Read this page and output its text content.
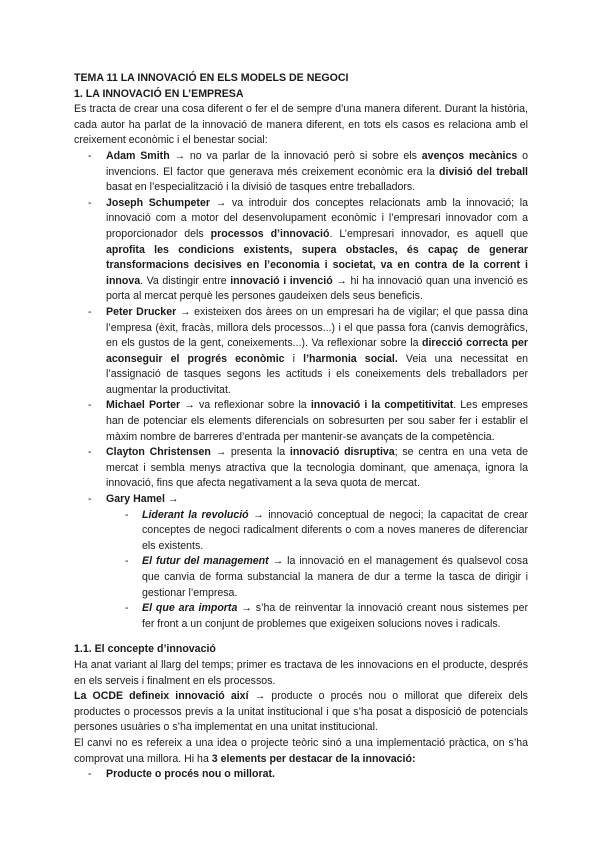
TEMA 11 LA INNOVACIÓ EN ELS MODELS DE NEGOCI
1. LA INNOVACIÓ EN L’EMPRESA

Es tracta de crear una cosa diferent o fer el de sempre d’una manera diferent. Durant la història, cada autor ha parlat de la innovació de manera diferent, en tots els casos es relaciona amb el creixement econòmic i el benestar social:

- Adam Smith → no va parlar de la innovació però si sobre els avenços mecànics o invencions. El factor que generava més creixement econòmic era la divisió del treball basat en l’especialització i la divisió de tasques entre treballadors.
- Joseph Schumpeter → va introduir dos conceptes relacionats amb la innovació; la innovació com a motor del desenvolupament econòmic i l’empresari innovador com a proporcionador dels processos d’innovació. L’empresari innovador, es aquell que aprofita les condicions existents, supera obstacles, és capaç de generar transformacions decisives en l’economia i societat, va en contra de la corrent i innova. Va distingir entre innovació i invenció → hi ha innovació quan una invenció es porta al mercat perquè les persones gaudeixen dels seus beneficis.
- Peter Drucker → existeixen dos àrees on un empresari ha de vigilar; el que passa dina l’empresa (èxit, fracàs, millora dels processos...) i el que passa fora (canvis demogràfics, en els gustos de la gent, coneixements...). Va reflexionar sobre la direcció correcta per aconseguir el progrés econòmic i l’harmonia social. Veia una necessitat en l’assignació de tasques segons les actituds i els coneixements dels treballadors per augmentar la productivitat.
- Michael Porter → va reflexionar sobre la innovació i la competitivitat. Les empreses han de potenciar els elements diferencials on sobresurten per sou saber fer i establir el màxim nombre de barreres d’entrada per mantenir-se avançats de la competència.
- Clayton Christensen → presenta la innovació disruptiva; se centra en una veta de mercat i sembla menys atractiva que la tecnologia dominant, que amenaça, ignora la innovació, fins que afecta negativament a la seva quota de mercat.
- Gary Hamel →
- Liderant la revolució → innovació conceptual de negoci; la capacitat de crear conceptes de negoci radicalment diferents o com a noves maneres de diferenciar els existents.
- El futur del management → la innovació en el management és qualsevol cosa que canvia de forma substancial la manera de dur a terme la tasca de dirigir i gestionar l’empresa.
- El que ara importa → s’ha de reinventar la innovació creant nous sistemes per fer front a un conjunt de problemes que exigeixen solucions noves i radicals.
1.1. El concepte d’innovació

Ha anat variant al llarg del temps; primer es tractava de les innovacions en el producte, després en els serveis i finalment en els processos.

La OCDE defineix innovació així → producte o procés nou o millorat que difereix dels productes o processos previs a la unitat institucional i que s’ha posat a disposició de potencials persones usuàries o s’ha implementat en una unitat institucional.

El canvi no es refereix a una idea o projecte teòric sinó a una implementació pràctica, on s’ha comprovat una millora. Hi ha 3 elements per destacar de la innovació:

- Producte o procés nou o millorat.
